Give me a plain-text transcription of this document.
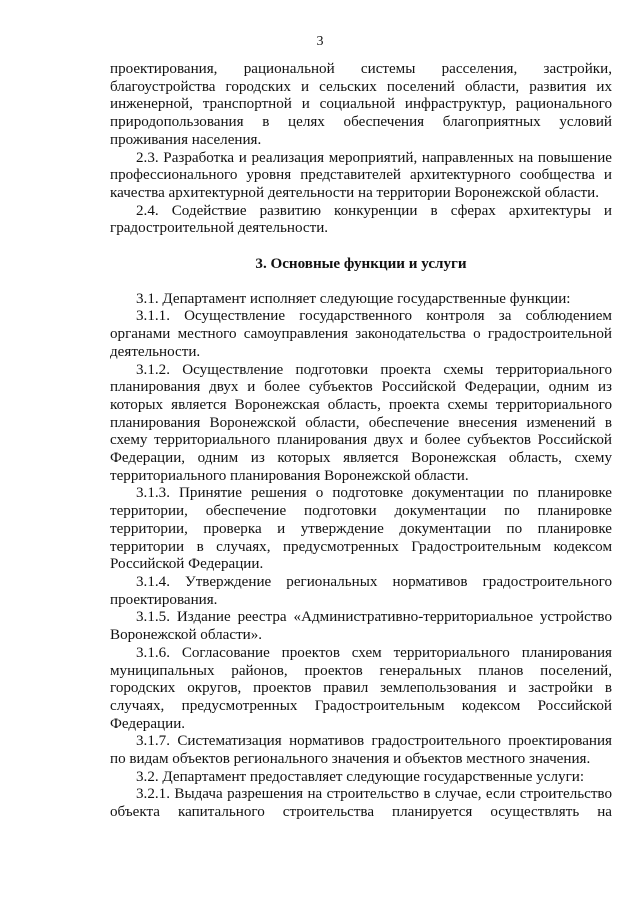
3

проектирования, рациональной системы расселения, застройки, благоустройства городских и сельских поселений области, развития их инженерной, транспортной и социальной инфраструктур, рационального природопользования в целях обеспечения благоприятных условий проживания населения.

2.3. Разработка и реализация мероприятий, направленных на повышение профессионального уровня представителей архитектурного сообщества и качества архитектурной деятельности на территории Воронежской области.

2.4. Содействие развитию конкуренции в сферах архитектуры и градостроительной деятельности.

3. Основные функции и услуги

3.1. Департамент исполняет следующие государственные функции:

3.1.1. Осуществление государственного контроля за соблюдением органами местного самоуправления законодательства о градостроительной деятельности.

3.1.2. Осуществление подготовки проекта схемы территориального планирования двух и более субъектов Российской Федерации, одним из которых является Воронежская область, проекта схемы территориального планирования Воронежской области, обеспечение внесения изменений в схему территориального планирования двух и более субъектов Российской Федерации, одним из которых является Воронежская область, схему территориального планирования Воронежской области.

3.1.3. Принятие решения о подготовке документации по планировке территории, обеспечение подготовки документации по планировке территории, проверка и утверждение документации по планировке территории в случаях, предусмотренных Градостроительным кодексом Российской Федерации.

3.1.4. Утверждение региональных нормативов градостроительного проектирования.

3.1.5. Издание реестра «Административно-территориальное устройство Воронежской области».

3.1.6. Согласование проектов схем территориального планирования муниципальных районов, проектов генеральных планов поселений, городских округов, проектов правил землепользования и застройки в случаях, предусмотренных Градостроительным кодексом Российской Федерации.

3.1.7. Систематизация нормативов градостроительного проектирования по видам объектов регионального значения и объектов местного значения.

3.2. Департамент предоставляет следующие государственные услуги:

3.2.1. Выдача разрешения на строительство в случае, если строительство объекта капитального строительства планируется осуществлять на
